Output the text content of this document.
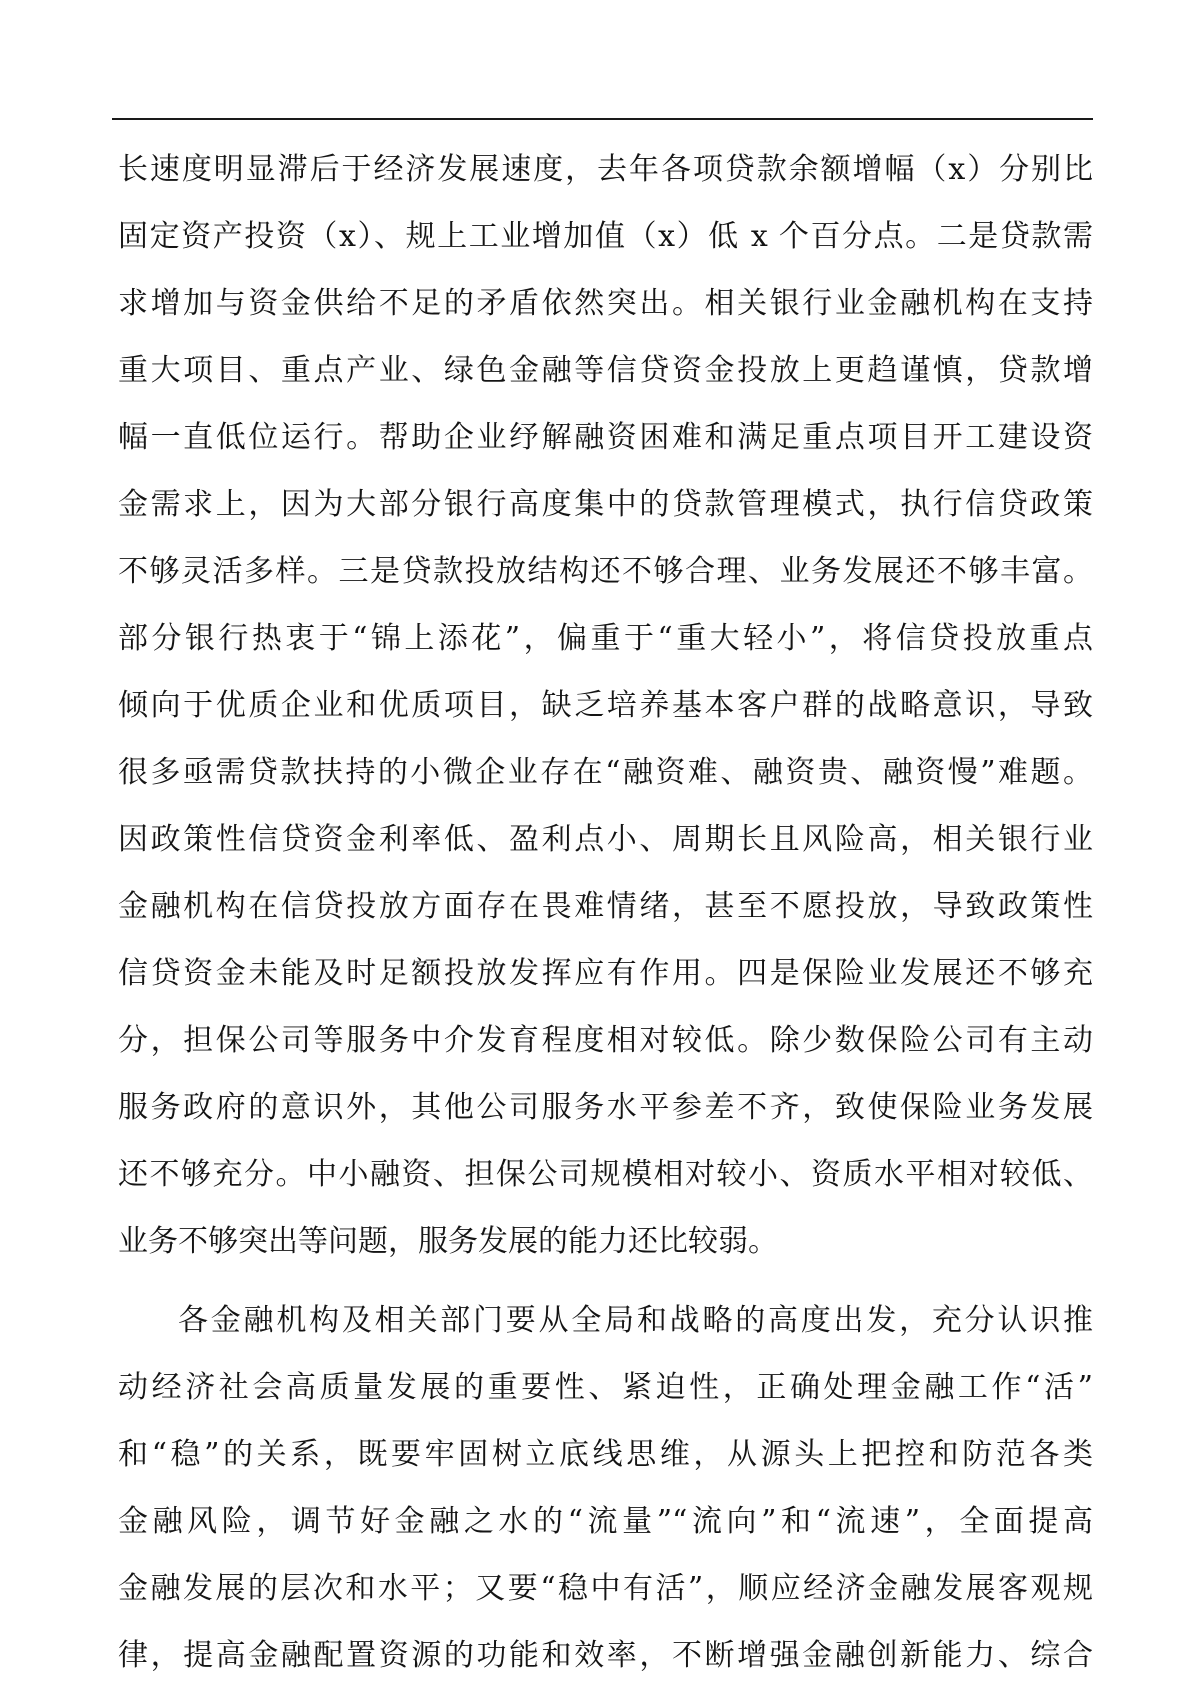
长速度明显滞后于经济发展速度，去年各项贷款余额增幅（x）分别比
固定资产投资（x）、规上工业增加值（x）低 x 个百分点。二是贷款需
求增加与资金供给不足的矛盾依然突出。相关银行业金融机构在支持
重大项目、重点产业、绿色金融等信贷资金投放上更趋谨慎，贷款增
幅一直低位运行。帮助企业纾解融资困难和满足重点项目开工建设资
金需求上，因为大部分银行高度集中的贷款管理模式，执行信贷政策
不够灵活多样。三是贷款投放结构还不够合理、业务发展还不够丰富。
部分银行热衷于“锦上添花”，偏重于“重大轻小”，将信贷投放重点
倾向于优质企业和优质项目，缺乏培养基本客户群的战略意识，导致
很多亟需贷款扶持的小微企业存在“融资难、融资贵、融资慢”难题。
因政策性信贷资金利率低、盈利点小、周期长且风险高，相关银行业
金融机构在信贷投放方面存在畏难情绪，甚至不愿投放，导致政策性
信贷资金未能及时足额投放发挥应有作用。四是保险业发展还不够充
分，担保公司等服务中介发育程度相对较低。除少数保险公司有主动
服务政府的意识外，其他公司服务水平参差不齐，致使保险业务发展
还不够充分。中小融资、担保公司规模相对较小、资质水平相对较低、
业务不够突出等问题，服务发展的能力还比较弱。
各金融机构及相关部门要从全局和战略的高度出发，充分认识推
动经济社会高质量发展的重要性、紧迫性，正确处理金融工作“活”
和“稳”的关系，既要牢固树立底线思维，从源头上把控和防范各类
金融风险，调节好金融之水的“流量”“流向”和“流速”，全面提高
金融发展的层次和水平；又要“稳中有活”，顺应经济金融发展客观规
律，提高金融配置资源的功能和效率，不断增强金融创新能力、综合
